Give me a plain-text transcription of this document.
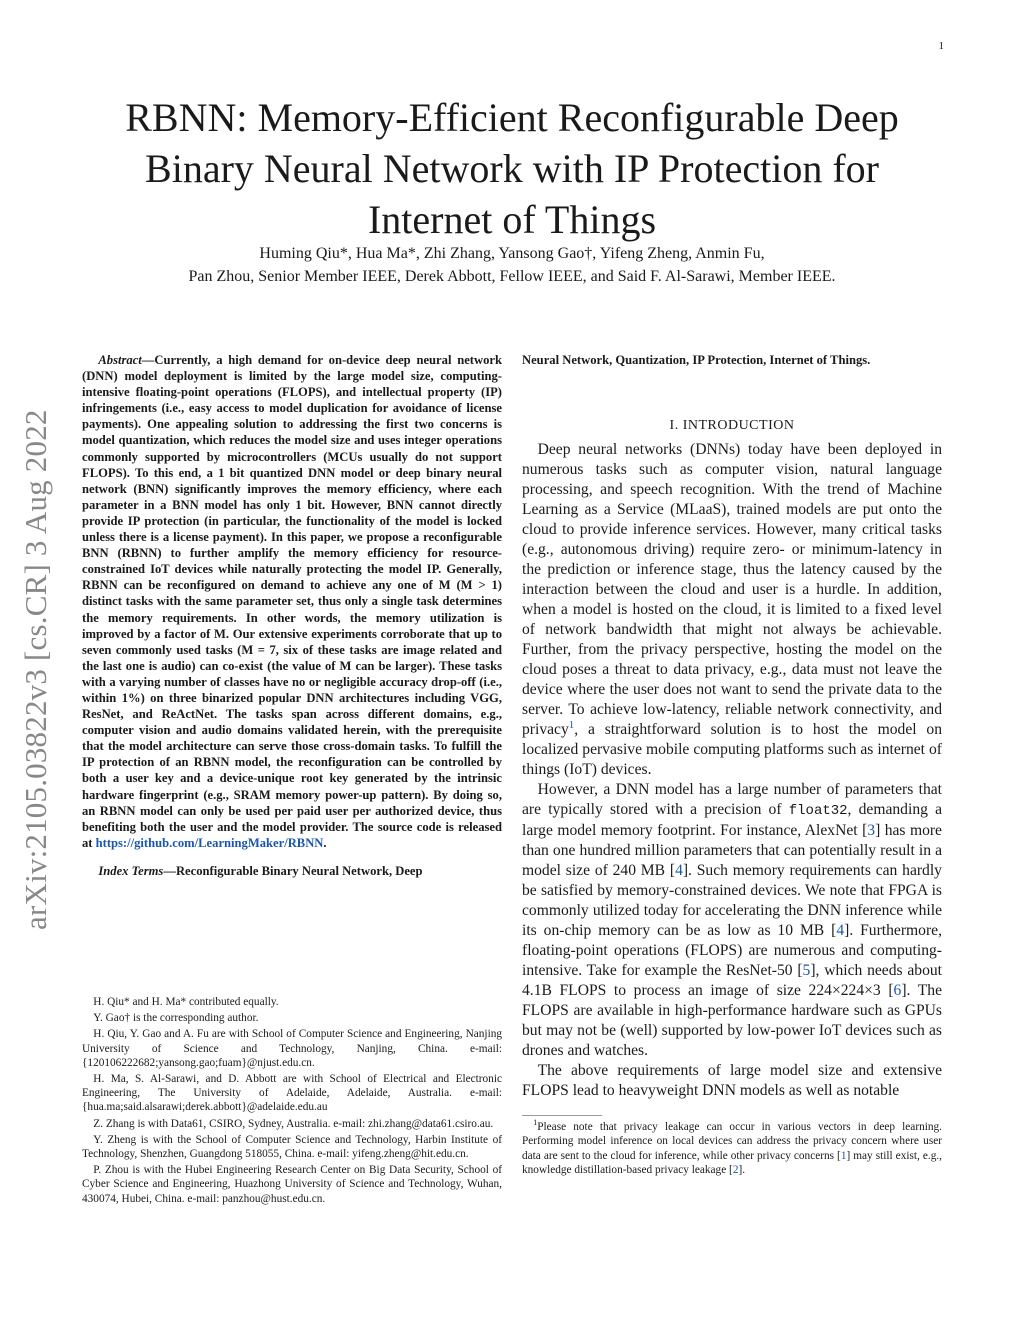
1
arXiv:2105.03822v3 [cs.CR] 3 Aug 2022
RBNN: Memory-Efficient Reconfigurable Deep Binary Neural Network with IP Protection for Internet of Things
Huming Qiu*, Hua Ma*, Zhi Zhang, Yansong Gao†, Yifeng Zheng, Anmin Fu,
Pan Zhou, Senior Member IEEE, Derek Abbott, Fellow IEEE, and Said F. Al-Sarawi, Member IEEE.

Abstract—Currently, a high demand for on-device deep neural network (DNN) model deployment is limited by the large model size, computing-intensive floating-point operations (FLOPS), and intellectual property (IP) infringements (i.e., easy access to model duplication for avoidance of license payments). One appealing solution to addressing the first two concerns is model quantization, which reduces the model size and uses integer operations commonly supported by microcontrollers (MCUs usually do not support FLOPS). To this end, a 1 bit quantized DNN model or deep binary neural network (BNN) significantly improves the memory efficiency, where each parameter in a BNN model has only 1 bit. However, BNN cannot directly provide IP protection (in particular, the functionality of the model is locked unless there is a license payment). In this paper, we propose a reconfigurable BNN (RBNN) to further amplify the memory efficiency for resource-constrained IoT devices while naturally protecting the model IP. Generally, RBNN can be reconfigured on demand to achieve any one of M (M > 1) distinct tasks with the same parameter set, thus only a single task determines the memory requirements. In other words, the memory utilization is improved by a factor of M. Our extensive experiments corroborate that up to seven commonly used tasks (M = 7, six of these tasks are image related and the last one is audio) can co-exist (the value of M can be larger). These tasks with a varying number of classes have no or negligible accuracy drop-off (i.e., within 1%) on three binarized popular DNN architectures including VGG, ResNet, and ReActNet. The tasks span across different domains, e.g., computer vision and audio domains validated herein, with the prerequisite that the model architecture can serve those cross-domain tasks. To fulfill the IP protection of an RBNN model, the reconfiguration can be controlled by both a user key and a device-unique root key generated by the intrinsic hardware fingerprint (e.g., SRAM memory power-up pattern). By doing so, an RBNN model can only be used per paid user per authorized device, thus benefiting both the user and the model provider. The source code is released at https://github.com/LearningMaker/RBNN.

Index Terms—Reconfigurable Binary Neural Network, Deep

H. Qiu* and H. Ma* contributed equally.

Y. Gao† is the corresponding author.

H. Qiu, Y. Gao and A. Fu are with School of Computer Science and Engineering, Nanjing University of Science and Technology, Nanjing, China. e-mail: {120106222682;yansong.gao;fuam}@njust.edu.cn.

H. Ma, S. Al-Sarawi, and D. Abbott are with School of Electrical and Electronic Engineering, The University of Adelaide, Adelaide, Australia. e-mail: {hua.ma;said.alsarawi;derek.abbott}@adelaide.edu.au

Z. Zhang is with Data61, CSIRO, Sydney, Australia. e-mail: zhi.zhang@data61.csiro.au.

Y. Zheng is with the School of Computer Science and Technology, Harbin Institute of Technology, Shenzhen, Guangdong 518055, China. e-mail: yifeng.zheng@hit.edu.cn.

P. Zhou is with the Hubei Engineering Research Center on Big Data Security, School of Cyber Science and Engineering, Huazhong University of Science and Technology, Wuhan, 430074, Hubei, China. e-mail: panzhou@hust.edu.cn.

Neural Network, Quantization, IP Protection, Internet of Things.

I. INTRODUCTION

Deep neural networks (DNNs) today have been deployed in numerous tasks such as computer vision, natural language processing, and speech recognition. With the trend of Machine Learning as a Service (MLaaS), trained models are put onto the cloud to provide inference services. However, many critical tasks (e.g., autonomous driving) require zero- or minimum-latency in the prediction or inference stage, thus the latency caused by the interaction between the cloud and user is a hurdle. In addition, when a model is hosted on the cloud, it is limited to a fixed level of network bandwidth that might not always be achievable. Further, from the privacy perspective, hosting the model on the cloud poses a threat to data privacy, e.g., data must not leave the device where the user does not want to send the private data to the server. To achieve low-latency, reliable network connectivity, and privacy$^1$, a straightforward solution is to host the model on localized pervasive mobile computing platforms such as internet of things (IoT) devices.

However, a DNN model has a large number of parameters that are typically stored with a precision of float32, demanding a large model memory footprint. For instance, AlexNet [3] has more than one hundred million parameters that can potentially result in a model size of 240 MB [4]. Such memory requirements can hardly be satisfied by memory-constrained devices. We note that FPGA is commonly utilized today for accelerating the DNN inference while its on-chip memory can be as low as 10 MB [4]. Furthermore, floating-point operations (FLOPS) are numerous and computing-intensive. Take for example the ResNet-50 [5], which needs about 4.1B FLOPS to process an image of size 224×224×3 [6]. The FLOPS are available in high-performance hardware such as GPUs but may not be (well) supported by low-power IoT devices such as drones and watches.

The above requirements of large model size and extensive FLOPS lead to heavyweight DNN models as well as notable

$^1$Please note that privacy leakage can occur in various vectors in deep learning. Performing model inference on local devices can address the privacy concern where user data are sent to the cloud for inference, while other privacy concerns [1] may still exist, e.g., knowledge distillation-based privacy leakage [2].
